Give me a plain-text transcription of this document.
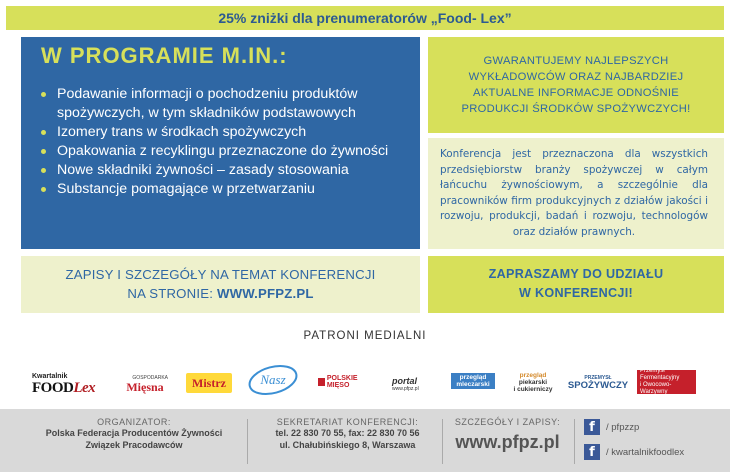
25% zniżki dla prenumeratorów „Food- Lex”
W PROGRAMIE M.IN.:
Podawanie informacji o pochodzeniu produktów spożywczych, w tym składników podstawowych
Izomery trans w środkach spożywczych
Opakowania z recyklingu przeznaczone do żywności
Nowe składniki żywności – zasady stosowania
Substancje pomagające w przetwarzaniu
GWARANTUJEMY NAJLEPSZYCH WYKŁADOWCÓW ORAZ NAJBARDZIEJ AKTUALNE INFORMACJE ODNOŚNIE PRODUKCJI ŚRODKÓW SPOŻYWCZYCH!
Konferencja jest przeznaczona dla wszystkich przedsiębiorstw branży spożywczej w całym łańcuchu żywnościowym, a szczególnie dla pracowników firm produkcyjnych z działów jakości i rozwoju, produkcji, badań i rozwoju, technologów oraz działów prawnych.
ZAPISY I SZCZEGÓŁY NA TEMAT KONFERENCJI
NA STRONIE: WWW.PFPZ.PL
ZAPRASZAMY DO UDZIAŁU
W KONFERENCJI!
PATRONI MEDIALNI
Kwartalnik
FOODLex
GOSPODARKA
Mięsna Mistrz	Nasz	POLSKIE MIĘSO	portal
www.pfpz.pl
przegląd
mleczarski
przegląd
piekarski
i cukierniczy
PRZEMYSŁ
SPOŻYWCZY
Przemysł
Fermentacyjny
i Owocowo-Warzywny
ORGANIZATOR:
Polska Federacja Producentów Żywności
Związek Pracodawców
SEKRETARIAT KONFERENCJI:
tel. 22 830 70 55, fax: 22 830 70 56
ul. Chałubińskiego 8, Warszawa
SZCZEGÓŁY I ZAPISY:
www.pfpz.pl
f	/ pfpzzp
f	/ kwartalnikfoodlex
